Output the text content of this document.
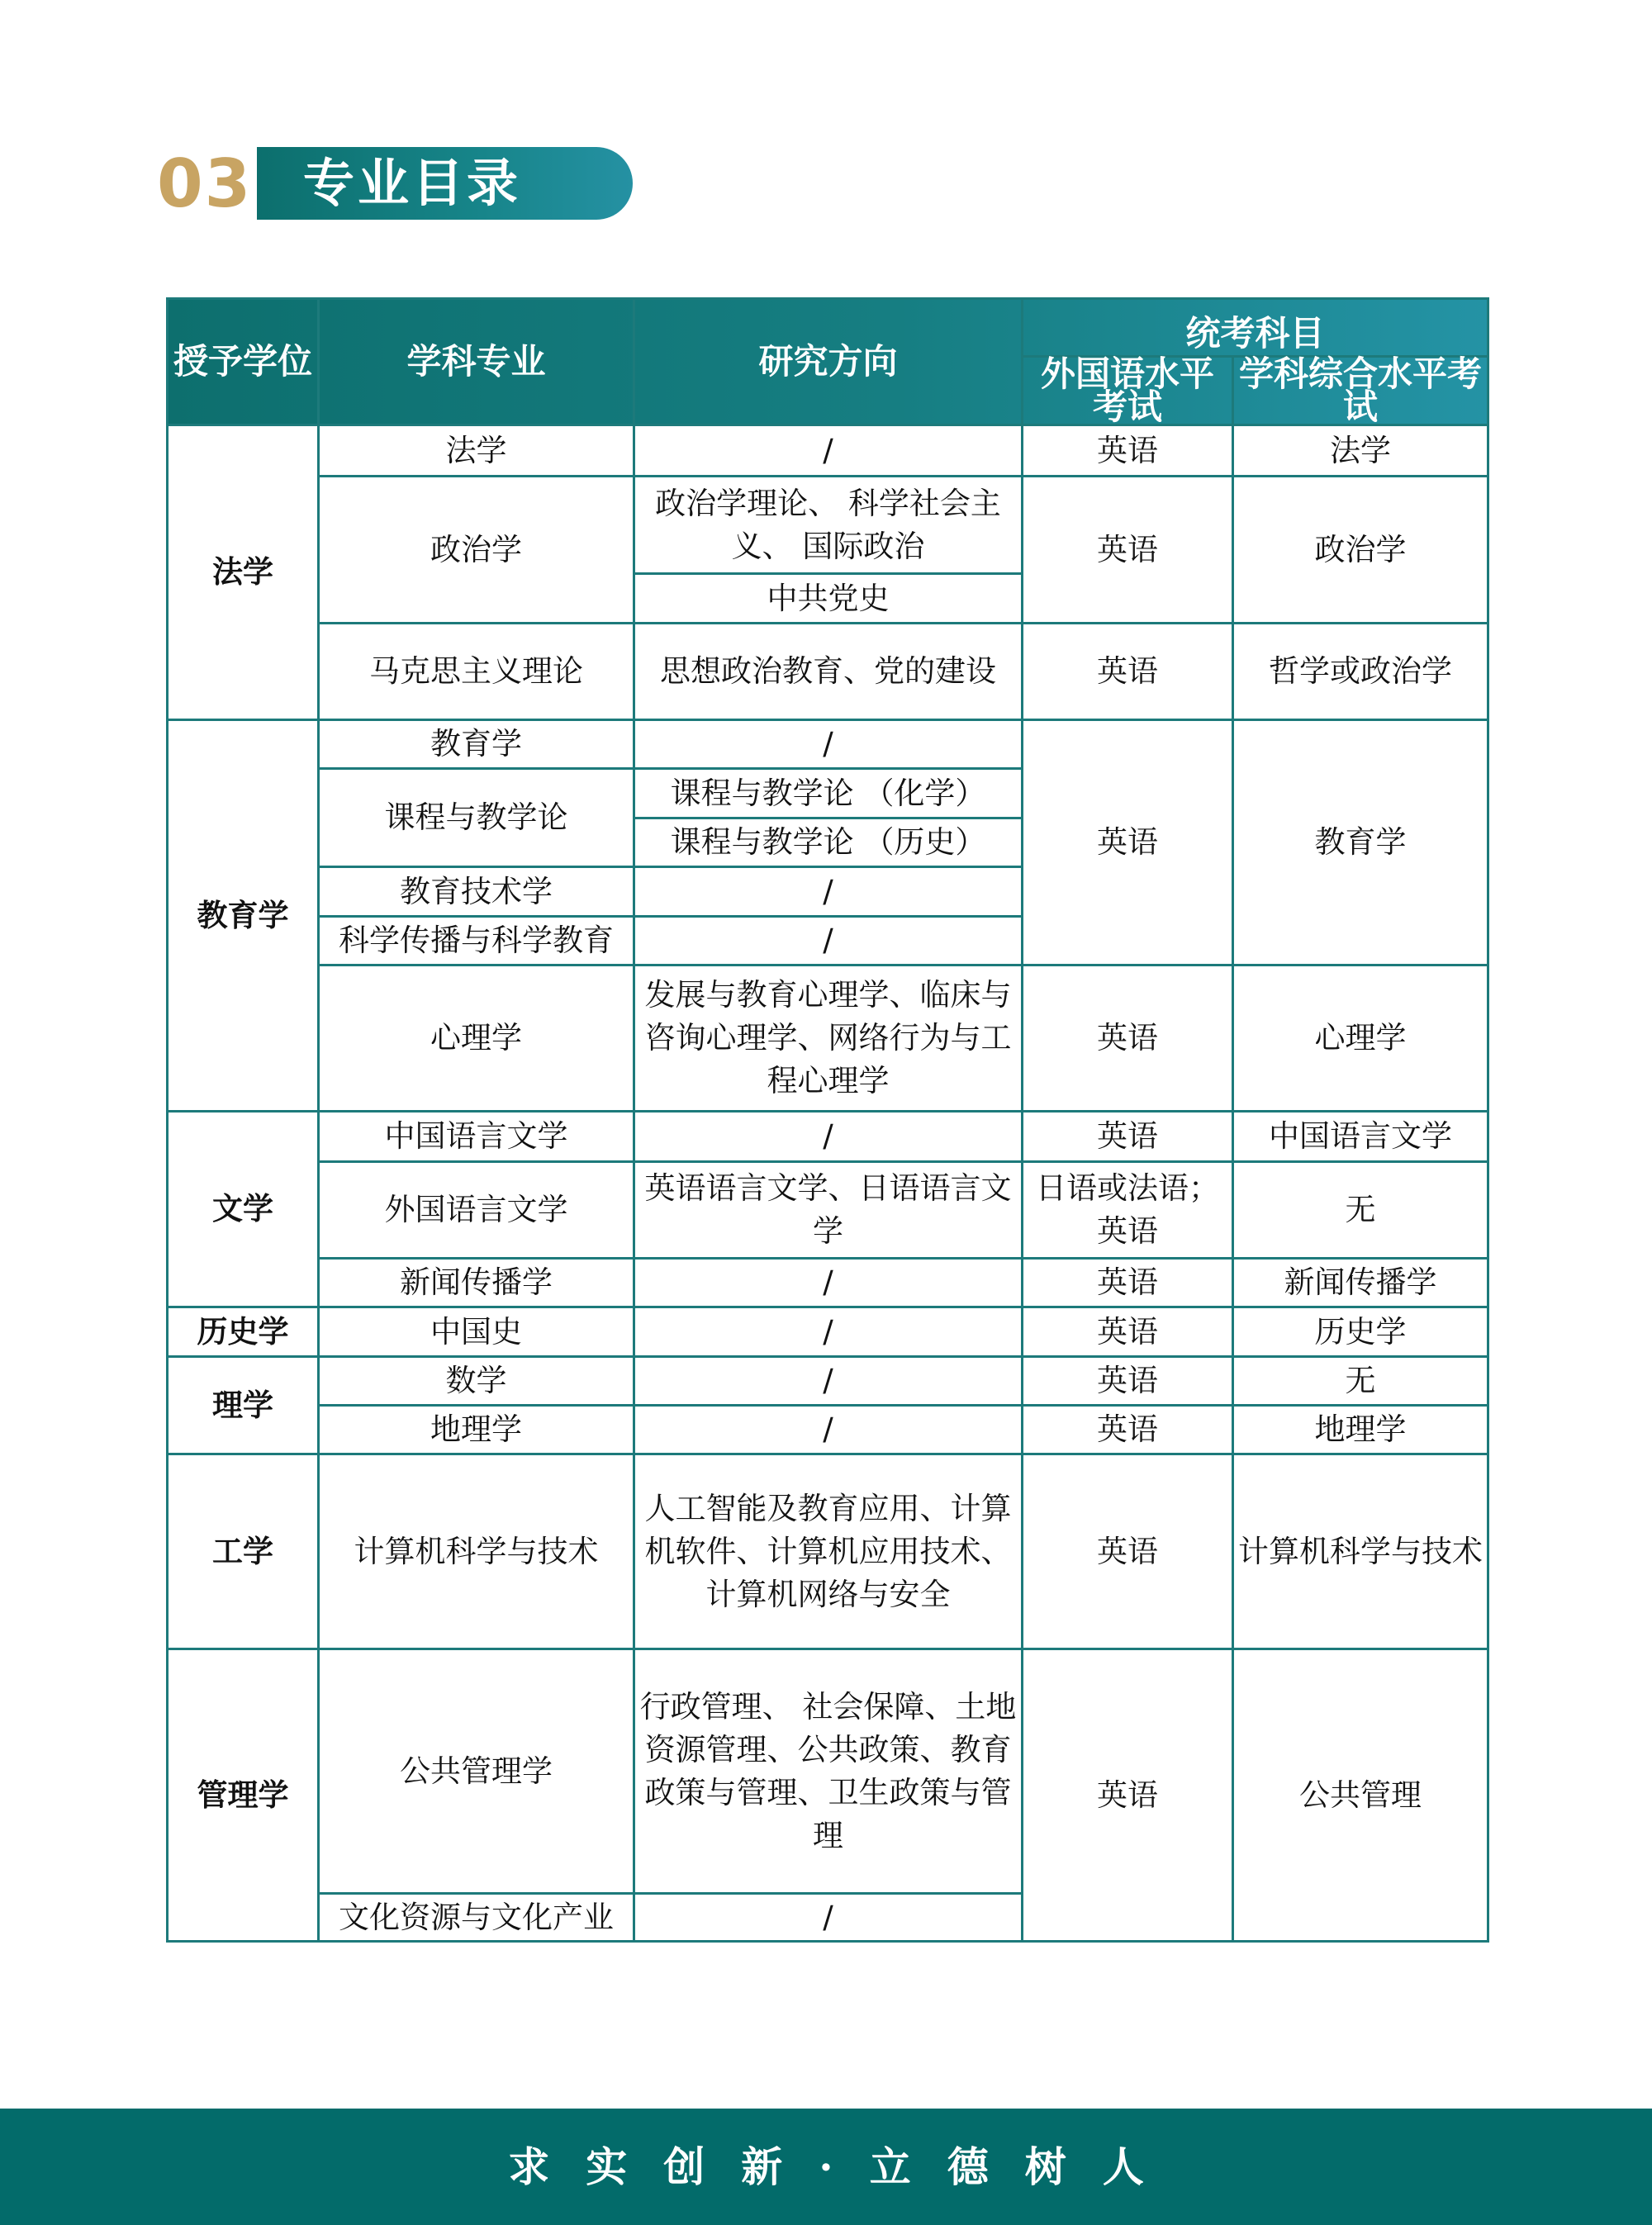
03 专业目录
授予学位	学科专业	研究方向	统考科目	
			外国语水平考试	学科综合水平考试
法学	法学	/	英语	法学
	政治学	政治学理论、 科学社会主义、 国际政治	英语	政治学
		中共党史		
	马克思主义理论	思想政治教育、党的建设	英语	哲学或政治学
教育学	教育学	/	英语	教育学
	课程与教学论	课程与教学论 （化学）		
		课程与教学论 （历史）		
	教育技术学	/		
	科学传播与科学教育	/		
	心理学	发展与教育心理学、临床与咨询心理学、网络行为与工程心理学	英语	心理学
文学	中国语言文学	/	英语	中国语言文学
	外国语言文学	英语语言文学、日语语言文学	日语或法语；英语	无
	新闻传播学	/	英语	新闻传播学
历史学	中国史	/	英语	历史学
理学	数学	/	英语	无
	地理学	/	英语	地理学
工学	计算机科学与技术	人工智能及教育应用、计算机软件、计算机应用技术、计算机网络与安全	英语	计算机科学与技术
管理学	公共管理学	行政管理、 社会保障、土地资源管理、公共政策、教育政策与管理、卫生政策与管理	英语	公共管理
	文化资源与文化产业	/		
求实创新·立德树人
